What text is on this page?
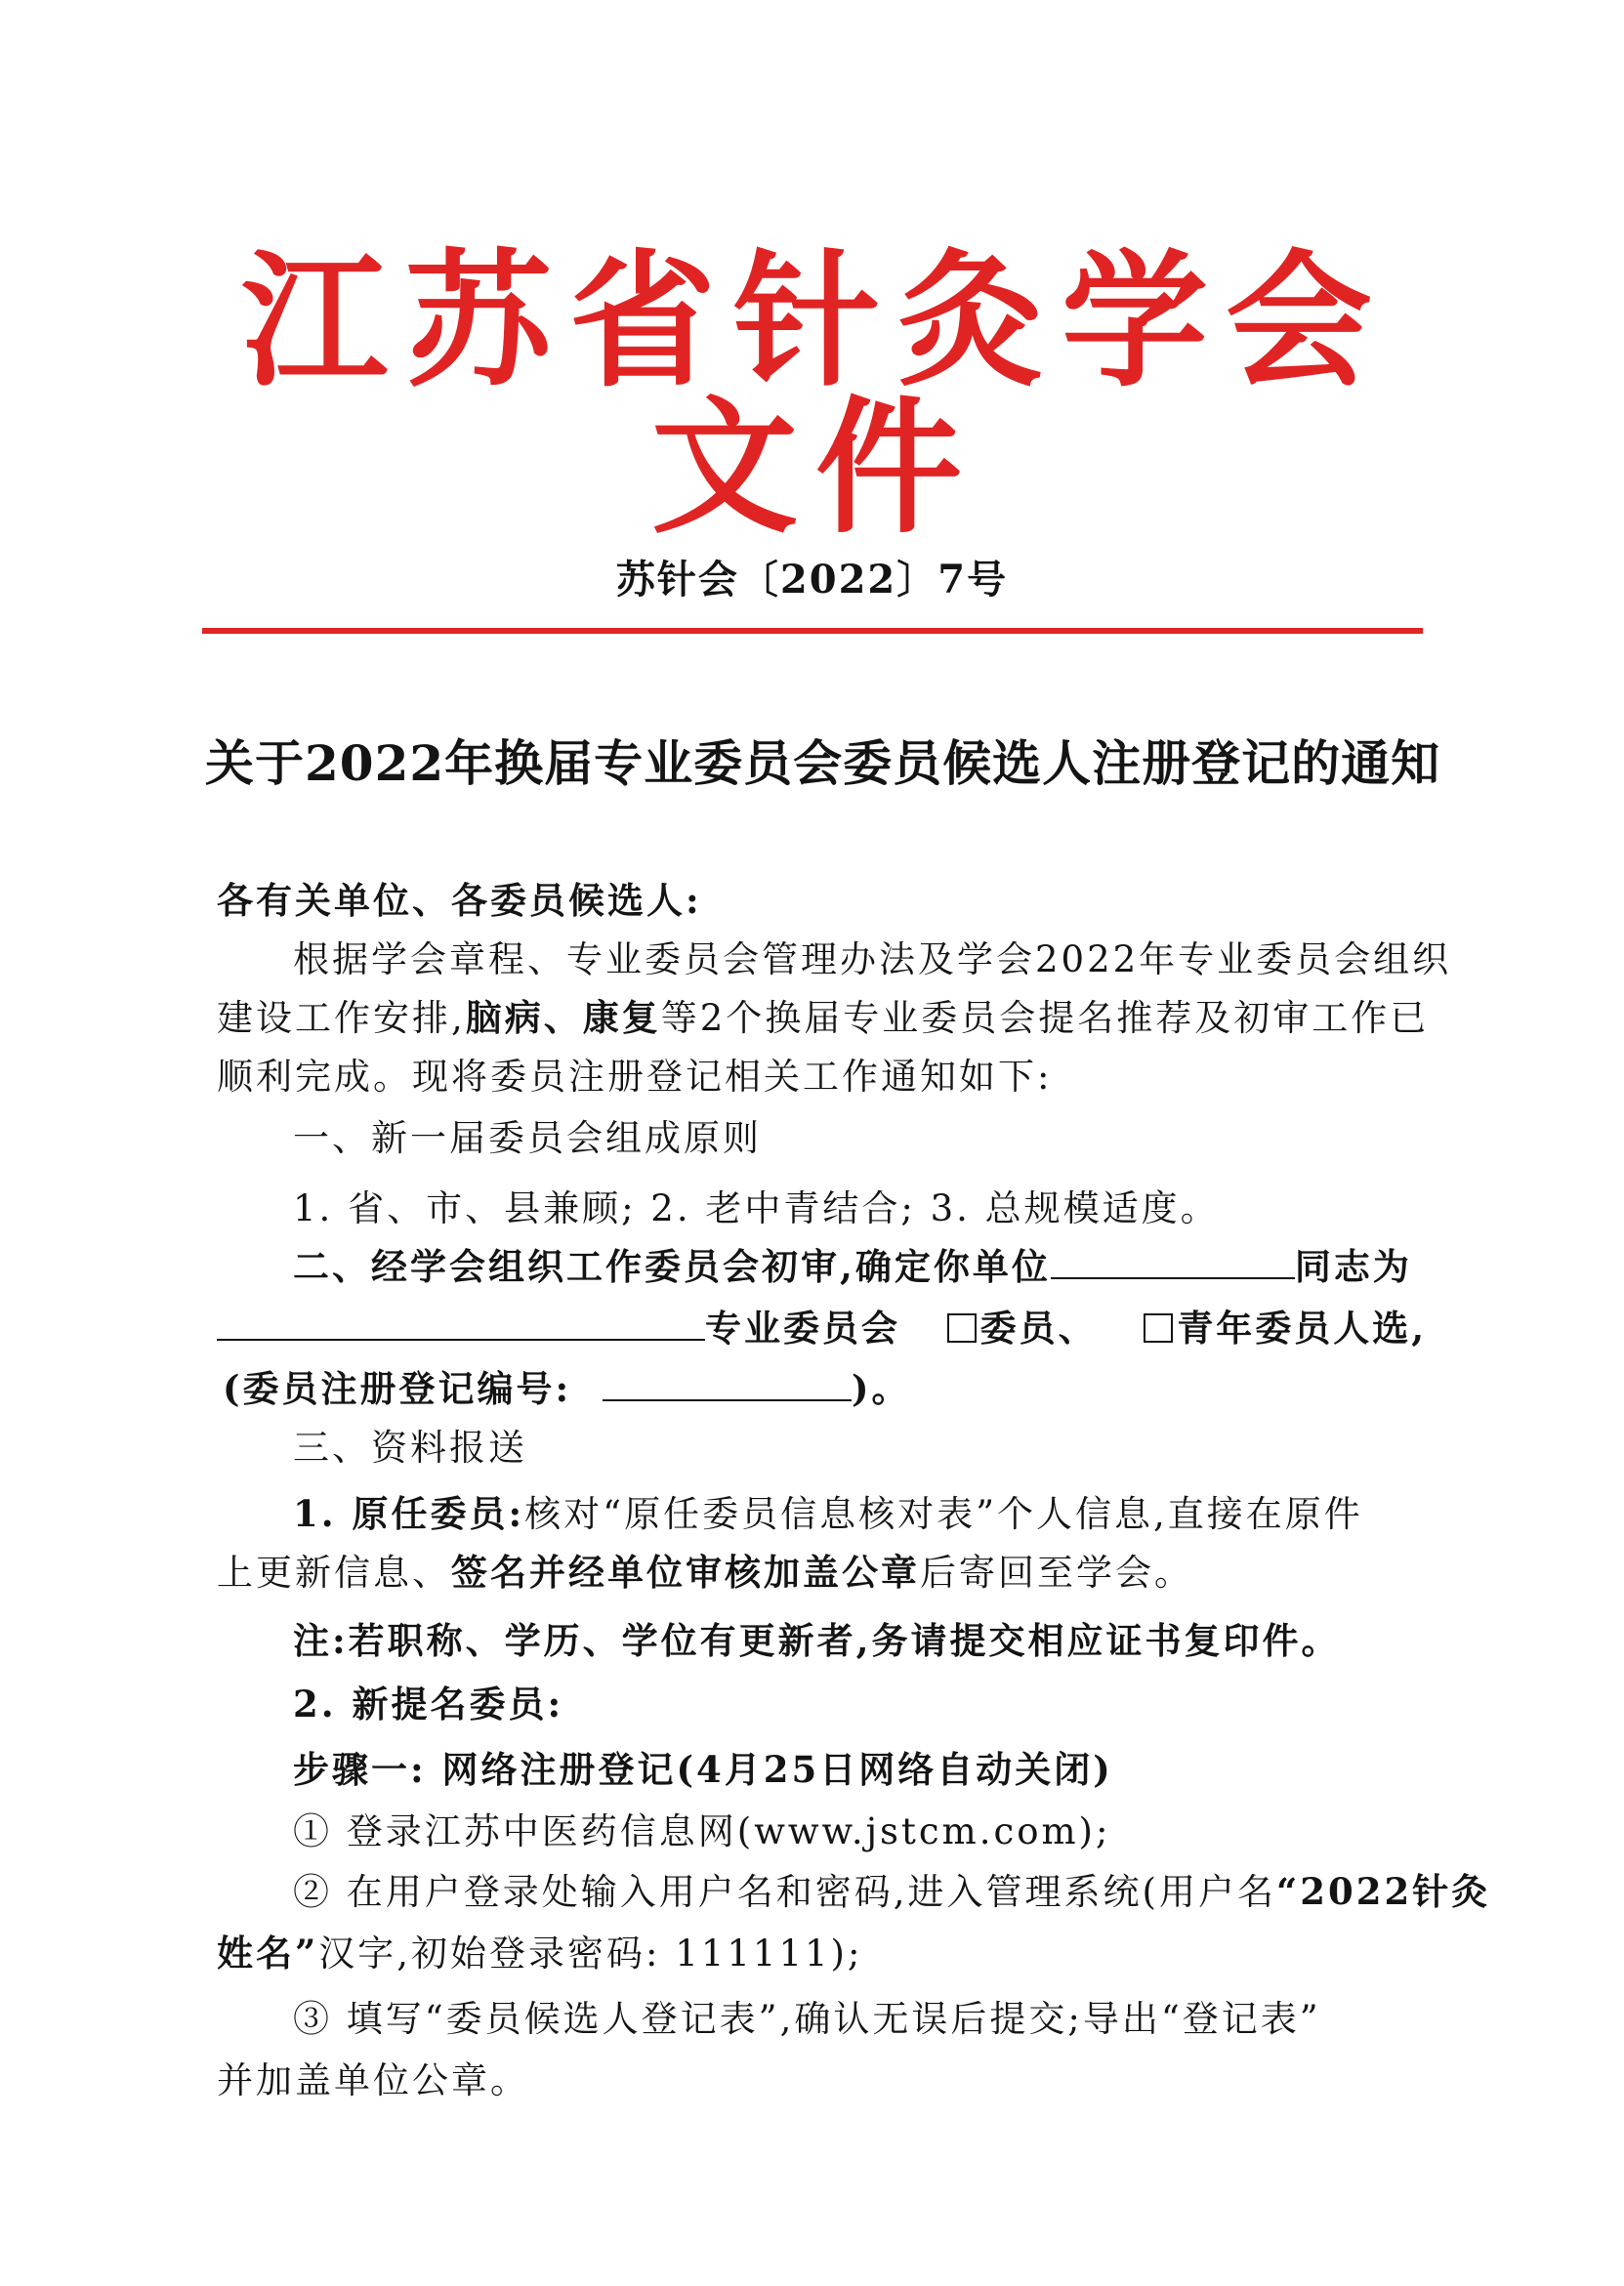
江苏省针灸学会文件
苏针会〔2022〕7号
关于2022年换届专业委员会委员候选人注册登记的通知
各有关单位、各委员候选人:
根据学会章程、专业委员会管理办法及学会2022年专业委员会组织
建设工作安排,脑病、康复等2个换届专业委员会提名推荐及初审工作已
顺利完成。现将委员注册登记相关工作通知如下:
一、新一届委员会组成原则
1. 省、市、县兼顾; 2. 老中青结合; 3. 总规模适度。
二、经学会组织工作委员会初审,确定你单位	同志为
专业委员会 委员、 青年委员人选,
(委员注册登记编号:	)。
三、资料报送
1. 原任委员:核对“原任委员信息核对表”个人信息,直接在原件
上更新信息、签名并经单位审核加盖公章后寄回至学会。
注:若职称、学历、学位有更新者,务请提交相应证书复印件。
2. 新提名委员:
步骤一: 网络注册登记(4月25日网络自动关闭)
① 登录江苏中医药信息网(www.jstcm.com);
② 在用户登录处输入用户名和密码,进入管理系统(用户名“2022针灸
姓名”汉字,初始登录密码: 111111);
③ 填写“委员候选人登记表”,确认无误后提交;导出“登记表”
并加盖单位公章。
